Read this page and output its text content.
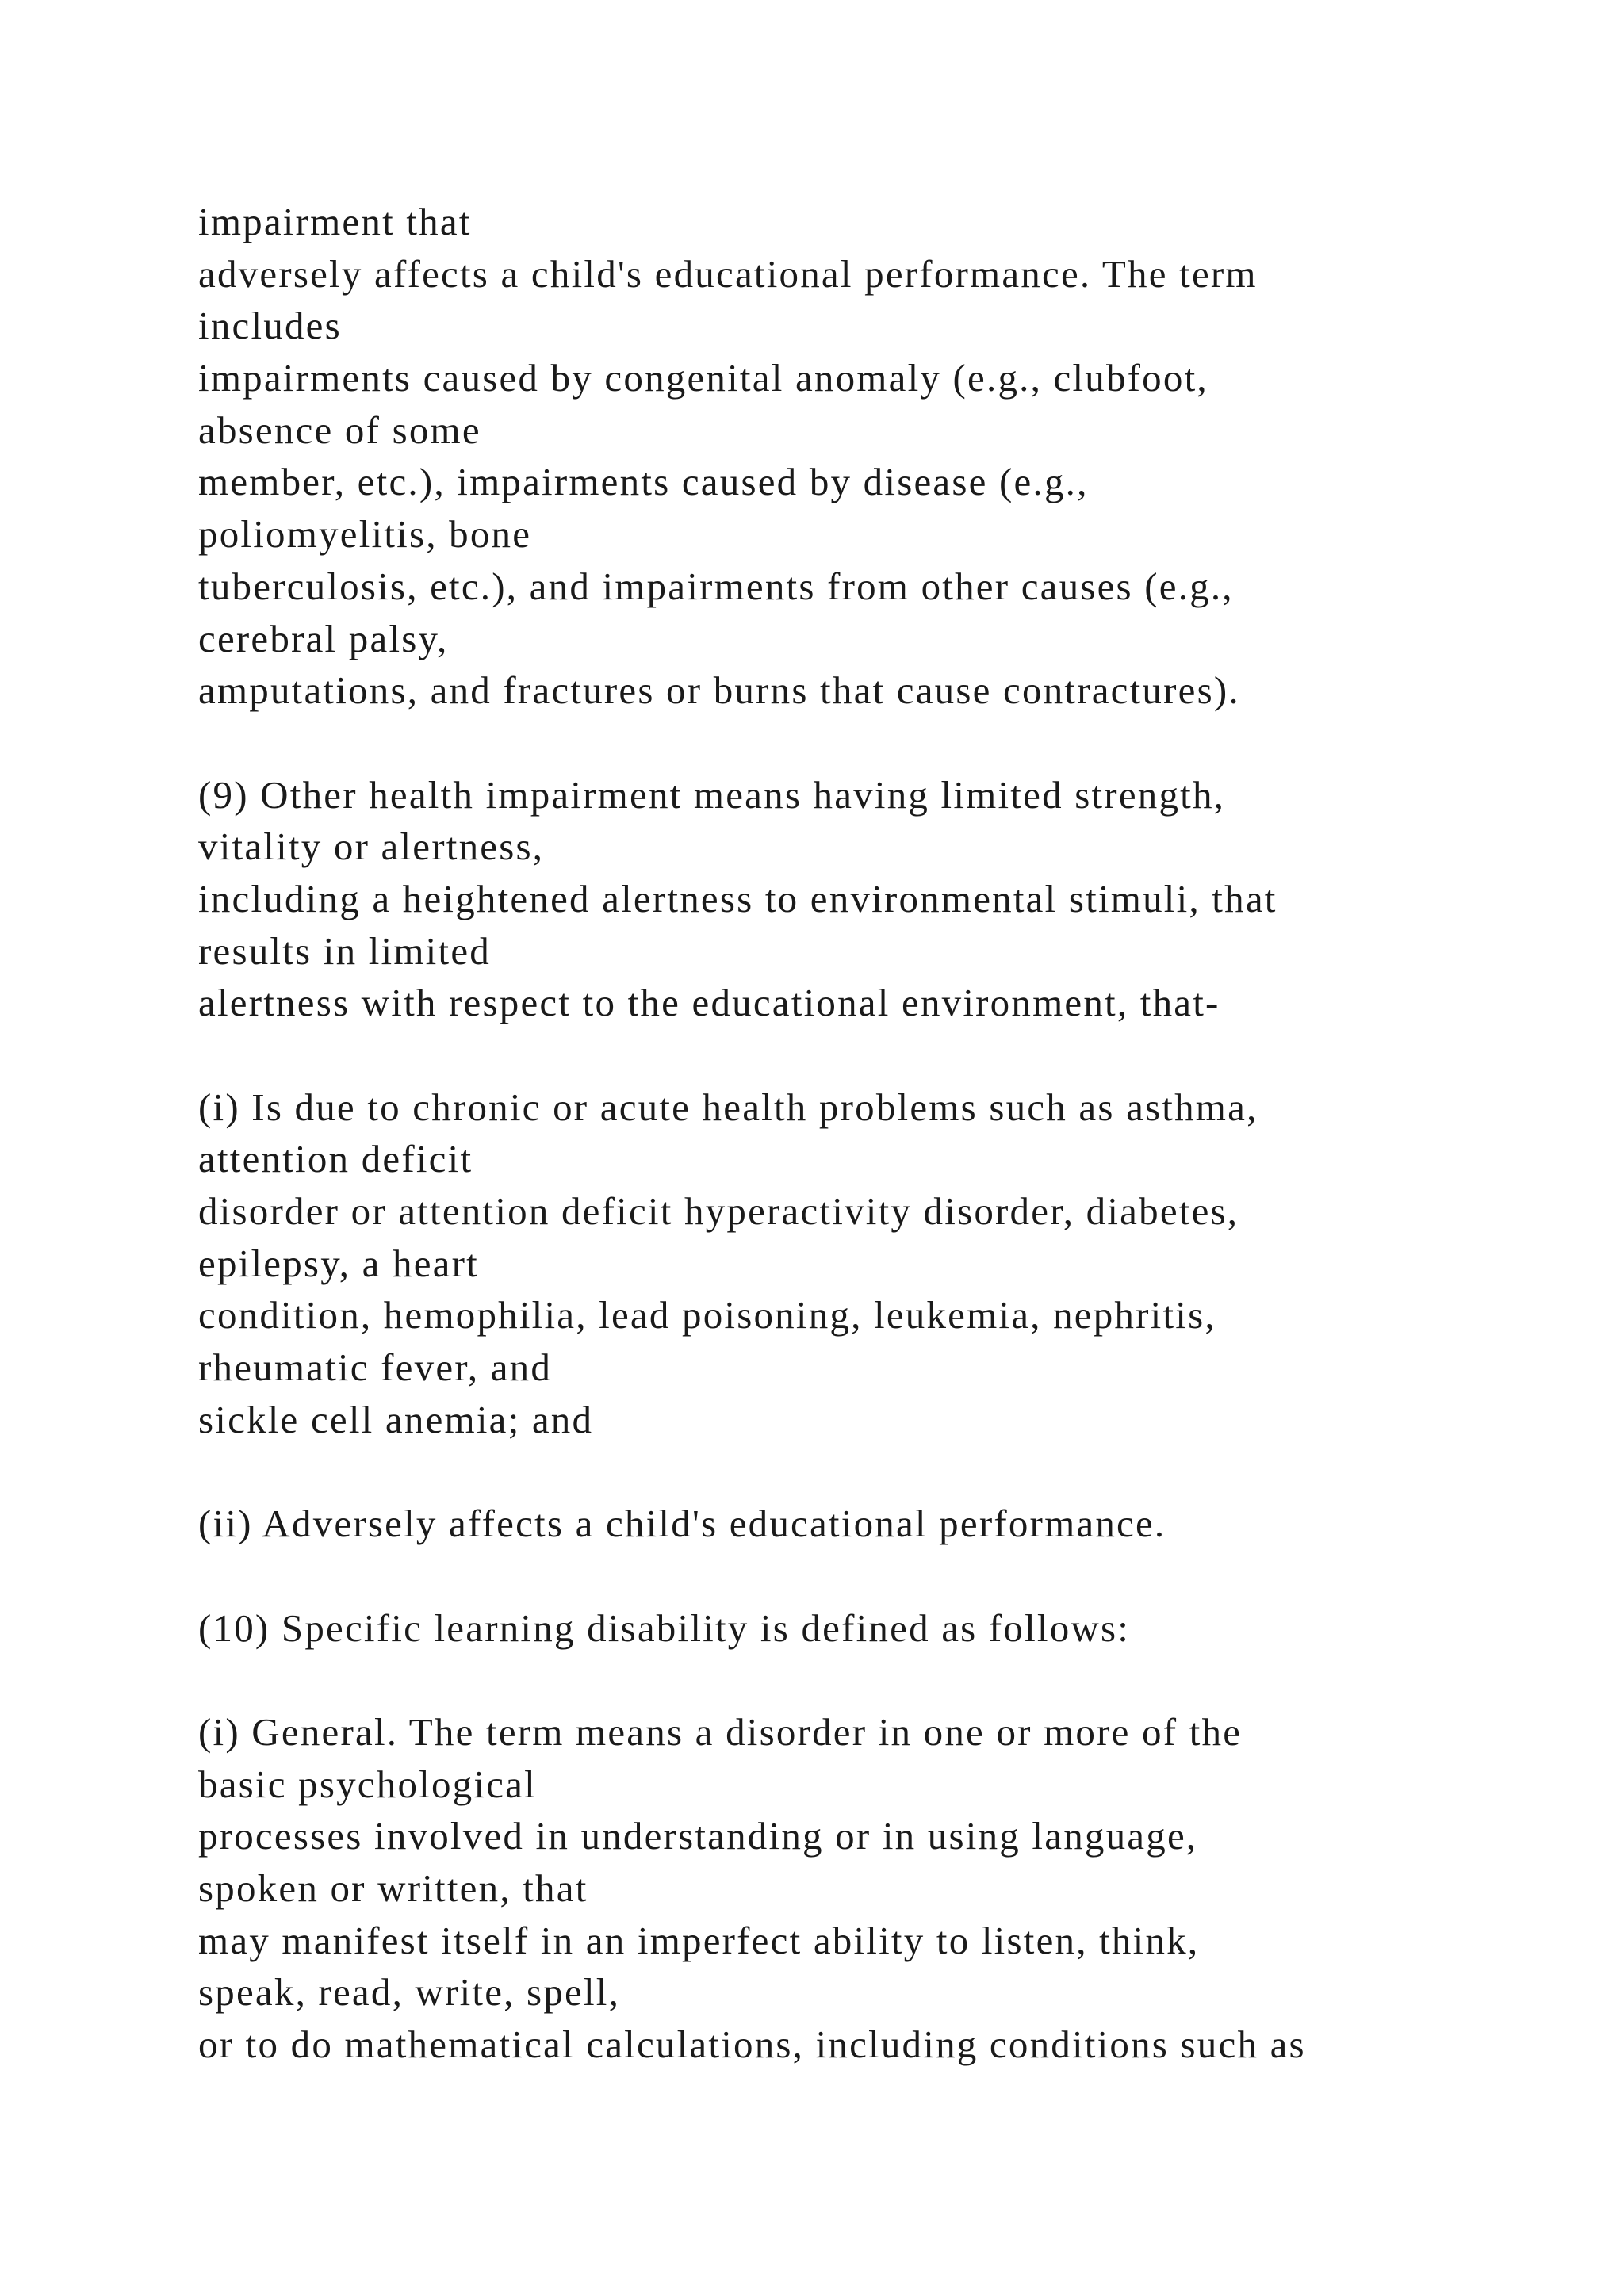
impairment that
adversely affects a child's educational performance. The term
includes
impairments caused by congenital anomaly (e.g., clubfoot,
absence of some
member, etc.), impairments caused by disease (e.g.,
poliomyelitis, bone
tuberculosis, etc.), and impairments from other causes (e.g.,
cerebral palsy,
amputations, and fractures or burns that cause contractures).
(9) Other health impairment means having limited strength,
vitality or alertness,
including a heightened alertness to environmental stimuli, that
results in limited
alertness with respect to the educational environment, that-
(i) Is due to chronic or acute health problems such as asthma,
attention deficit
disorder or attention deficit hyperactivity disorder, diabetes,
epilepsy, a heart
condition, hemophilia, lead poisoning, leukemia, nephritis,
rheumatic fever, and
sickle cell anemia; and
(ii) Adversely affects a child's educational performance.
(10) Specific learning disability is defined as follows:
(i) General. The term means a disorder in one or more of the
basic psychological
processes involved in understanding or in using language,
spoken or written, that
may manifest itself in an imperfect ability to listen, think,
speak, read, write, spell,
or to do mathematical calculations, including conditions such as
